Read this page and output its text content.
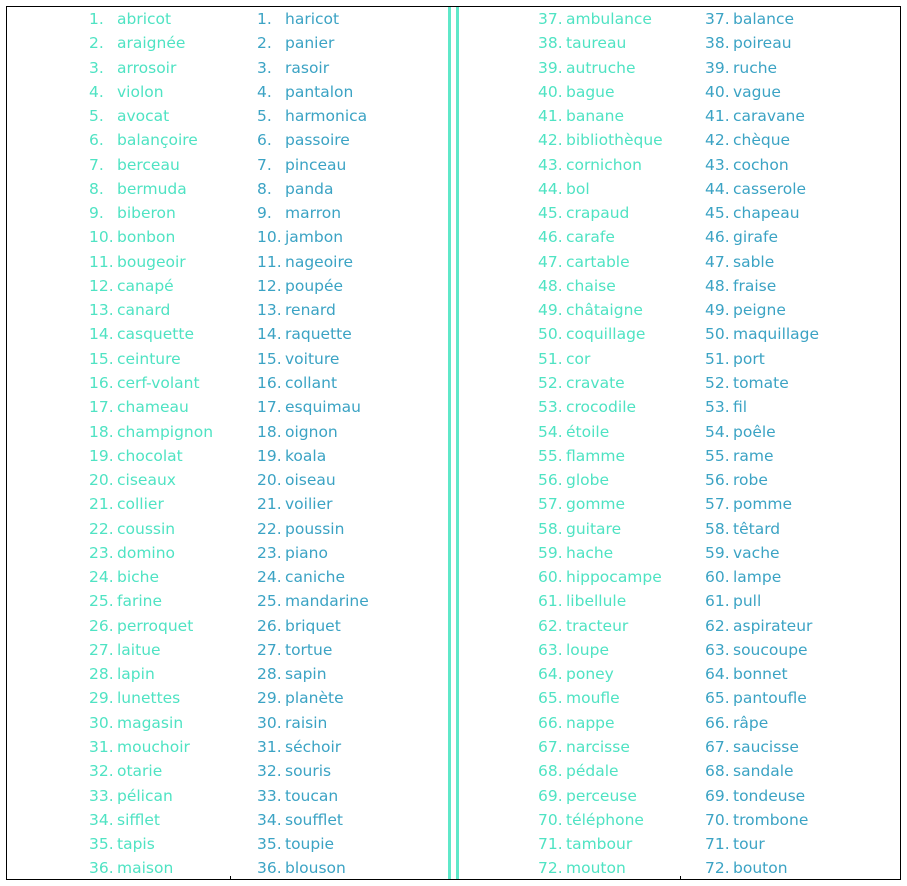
1. abricot
2. araignée
3. arrosoir
4. violon
5. avocat
6. balançoire
7. berceau
8. bermuda
9. biberon
10. bonbon
11. bougeoir
12. canapé
13. canard
14. casquette
15. ceinture
16. cerf-volant
17. chameau
18. champignon
19. chocolat
20. ciseaux
21. collier
22. coussin
23. domino
24. biche
25. farine
26. perroquet
27. laitue
28. lapin
29. lunettes
30. magasin
31. mouchoir
32. otarie
33. pélican
34. sifflet
35. tapis
36. maison
1. haricot
2. panier
3. rasoir
4. pantalon
5. harmonica
6. passoire
7. pinceau
8. panda
9. marron
10. jambon
11. nageoire
12. poupée
13. renard
14. raquette
15. voiture
16. collant
17. esquimau
18. oignon
19. koala
20. oiseau
21. voilier
22. poussin
23. piano
24. caniche
25. mandarine
26. briquet
27. tortue
28. sapin
29. planète
30. raisin
31. séchoir
32. souris
33. toucan
34. soufflet
35. toupie
36. blouson
37. ambulance
38. taureau
39. autruche
40. bague
41. banane
42. bibliothèque
43. cornichon
44. bol
45. crapaud
46. carafe
47. cartable
48. chaise
49. châtaigne
50. coquillage
51. cor
52. cravate
53. crocodile
54. étoile
55. flamme
56. globe
57. gomme
58. guitare
59. hache
60. hippocampe
61. libellule
62. tracteur
63. loupe
64. poney
65. moufle
66. nappe
67. narcisse
68. pédale
69. perceuse
70. téléphone
71. tambour
72. mouton
37. balance
38. poireau
39. ruche
40. vague
41. caravane
42. chèque
43. cochon
44. casserole
45. chapeau
46. girafe
47. sable
48. fraise
49. peigne
50. maquillage
51. port
52. tomate
53. fil
54. poêle
55. rame
56. robe
57. pomme
58. têtard
59. vache
60. lampe
61. pull
62. aspirateur
63. soucoupe
64. bonnet
65. pantoufle
66. râpe
67. saucisse
68. sandale
69. tondeuse
70. trombone
71. tour
72. bouton
